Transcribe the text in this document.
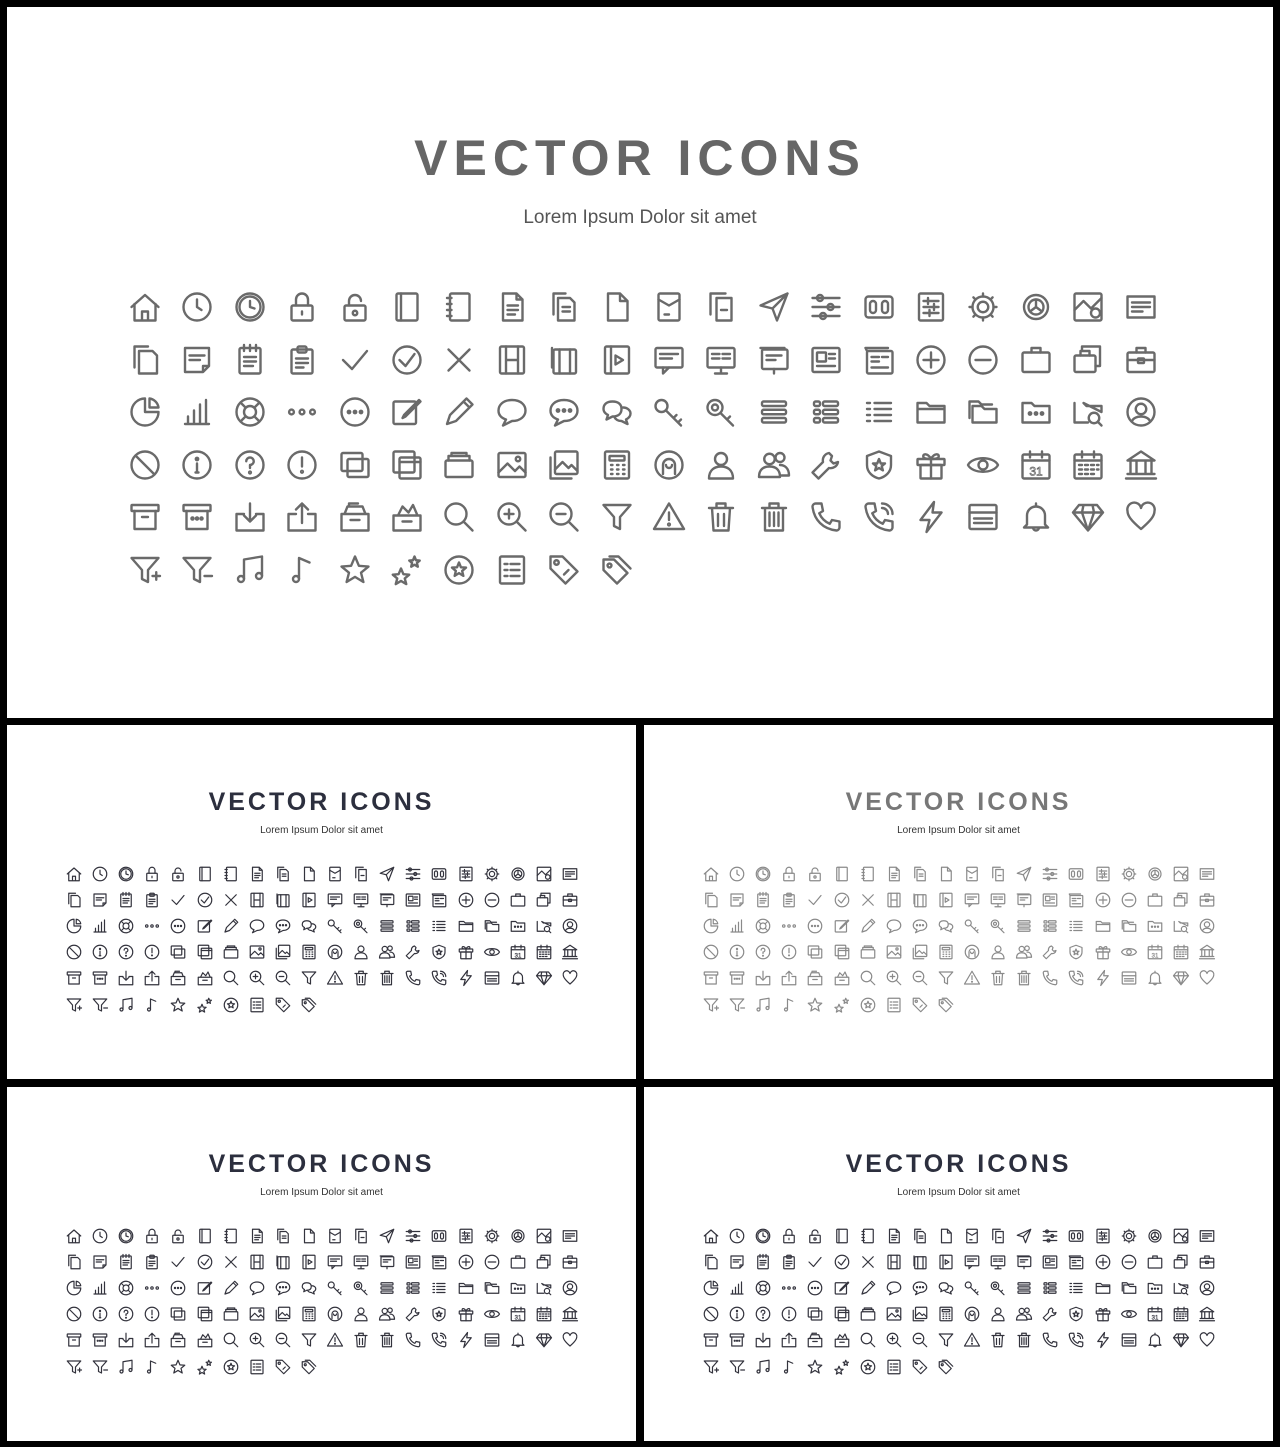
VECTOR ICONS
Lorem Ipsum Dolor sit amet
31
VECTOR ICONS
Lorem Ipsum Dolor sit amet
31
VECTOR ICONS
Lorem Ipsum Dolor sit amet
31
VECTOR ICONS
Lorem Ipsum Dolor sit amet
31
VECTOR ICONS
Lorem Ipsum Dolor sit amet
31
